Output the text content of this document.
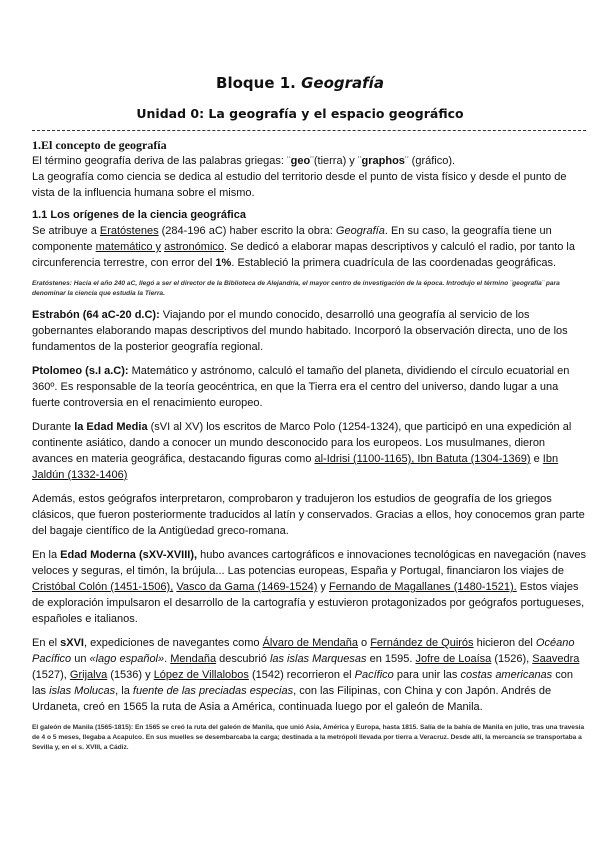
Bloque 1. Geografía
Unidad 0: La geografía y el espacio geográfico
1.El concepto de geografía

El término geografía deriva de las palabras griegas: ¨geo¨(tierra) y ¨graphos¨ (gráfico).

La geografía como ciencia se dedica al estudio del territorio desde el punto de vista físico y desde el punto de vista de la influencia humana sobre el mismo.

1.1 Los orígenes de la ciencia geográfica

Se atribuye a Eratóstenes (284-196 aC) haber escrito la obra: Geografía. En su caso, la geografía tiene un componente matemático y astronómico. Se dedicó a elaborar mapas descriptivos y calculó el radio, por tanto la circunferencia terrestre, con error del 1%. Estableció la primera cuadrícula de las coordenadas geográficas.

Eratóstenes: Hacia el año 240 aC, llegó a ser el director de la Biblioteca de Alejandría, el mayor centro de investigación de la época. Introdujo el término ¨geografía¨ para denominar la ciencia que estudia la Tierra.

Estrabón (64 aC-20 d.C): Viajando por el mundo conocido, desarrolló una geografía al servicio de los gobernantes elaborando mapas descriptivos del mundo habitado. Incorporó la observación directa, uno de los fundamentos de la posterior geografía regional.

Ptolomeo (s.I a.C): Matemático y astrónomo, calculó el tamaño del planeta, dividiendo el círculo ecuatorial en 360º. Es responsable de la teoría geocéntrica, en que la Tierra era el centro del universo, dando lugar a una fuerte controversia en el renacimiento europeo.

Durante la Edad Media (sVI al XV) los escritos de Marco Polo (1254-1324), que participó en una expedición al continente asiático, dando a conocer un mundo desconocido para los europeos. Los musulmanes, dieron avances en materia geográfica, destacando figuras como al-Idrisi (1100-1165), Ibn Batuta (1304-1369) e Ibn Jaldún (1332-1406)

Además, estos geógrafos interpretaron, comprobaron y tradujeron los estudios de geografía de los griegos clásicos, que fueron posteriormente traducidos al latín y conservados. Gracias a ellos, hoy conocemos gran parte del bagaje científico de la Antigüedad greco-romana.

En la Edad Moderna (sXV-XVIII), hubo avances cartográficos e innovaciones tecnológicas en navegación (naves veloces y seguras, el timón, la brújula... Las potencias europeas, España y Portugal, financiaron los viajes de Cristóbal Colón (1451-1506), Vasco da Gama (1469-1524) y Fernando de Magallanes (1480-1521). Estos viajes de exploración impulsaron el desarrollo de la cartografía y estuvieron protagonizados por geógrafos portugueses, españoles e italianos.

En el sXVI, expediciones de navegantes como Álvaro de Mendaña o Fernández de Quirós hicieron del Océano Pacífico un «lago español». Mendaña descubrió las islas Marquesas en 1595. Jofre de Loaísa (1526), Saavedra (1527), Grijalva (1536) y López de Villalobos (1542) recorrieron el Pacífico para unir las costas americanas con las islas Molucas, la fuente de las preciadas especias, con las Filipinas, con China y con Japón. Andrés de Urdaneta, creó en 1565 la ruta de Asia a América, continuada luego por el galeón de Manila.

El galeón de Manila (1565-1815): En 1565 se creó la ruta del galeón de Manila, que unió Asia, América y Europa, hasta 1815. Salía de la bahía de Manila en julio, tras una travesía de 4 o 5 meses, llegaba a Acapulco. En sus muelles se desembarcaba la carga; destinada a la metrópoli llevada por tierra a Veracruz. Desde allí, la mercancía se transportaba a Sevilla y, en el s. XVIII, a Cádiz.
